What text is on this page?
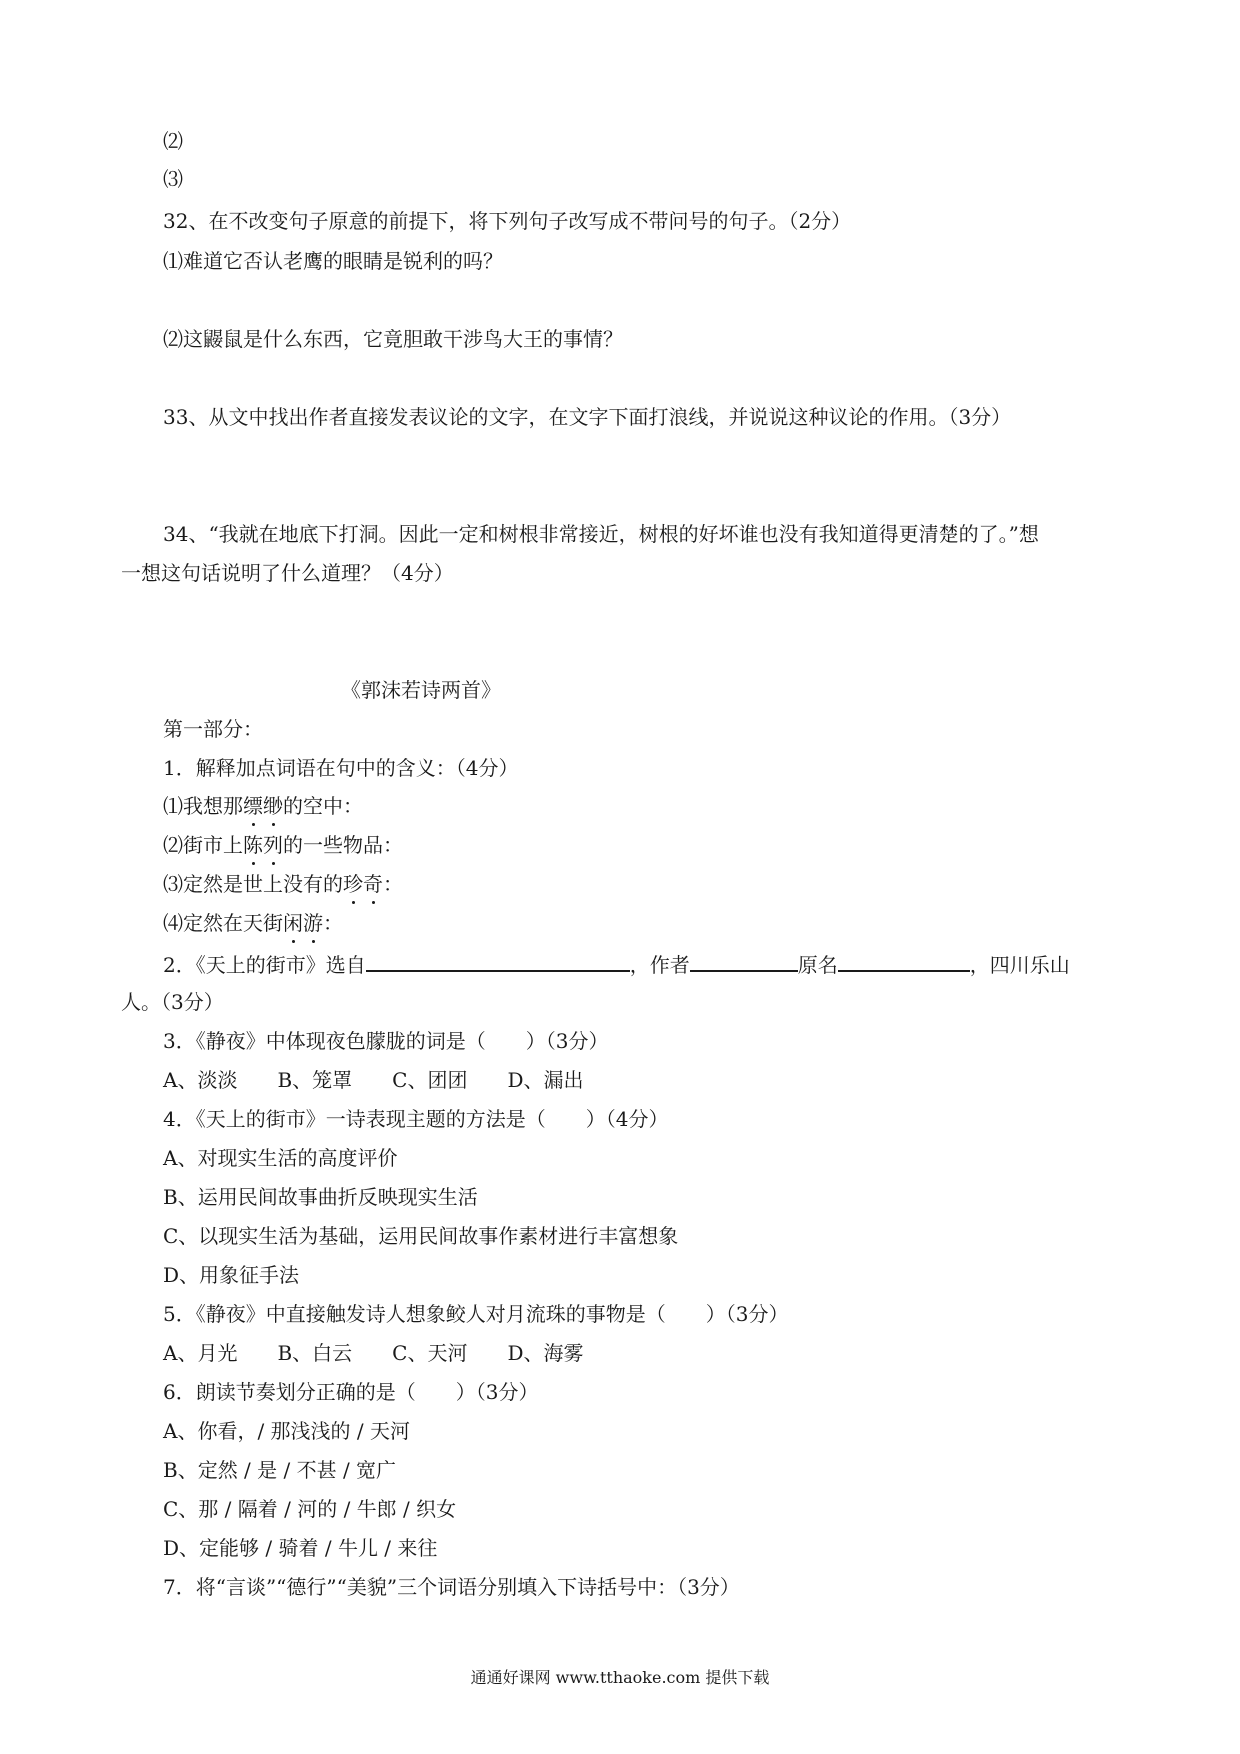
⑵
⑶
32、在不改变句子原意的前提下，将下列句子改写成不带问号的句子。（2分）
⑴难道它否认老鹰的眼睛是锐利的吗？
⑵这鼹鼠是什么东西，它竟胆敢干涉鸟大王的事情？
33、从文中找出作者直接发表议论的文字，在文字下面打浪线，并说说这种议论的作用。（3分）
34、“我就在地底下打洞。因此一定和树根非常接近，树根的好坏谁也没有我知道得更清楚的了。”想
一想这句话说明了什么道理？（4分）
《郭沫若诗两首》
第一部分：
1．解释加点词语在句中的含义：（4分）
⑴我想那缥缈的空中：
⑵街市上陈列的一些物品：
⑶定然是世上没有的珍奇：
⑷定然在天街闲游：
2．《天上的街市》选自	，作者	原名	，四川乐山
人。（3分）
3．《静夜》中体现夜色朦胧的词是（　　）（3分）
A、淡淡　　B、笼罩　　C、团团　　D、漏出
4．《天上的街市》一诗表现主题的方法是（　　）（4分）
A、对现实生活的高度评价
B、运用民间故事曲折反映现实生活
C、以现实生活为基础，运用民间故事作素材进行丰富想象
D、用象征手法
5．《静夜》中直接触发诗人想象鲛人对月流珠的事物是（　　）（3分）
A、月光　　B、白云　　C、天河　　D、海雾
6．朗读节奏划分正确的是（　　）（3分）
A、你看，/ 那浅浅的 / 天河
B、定然 / 是 / 不甚 / 宽广
C、那 / 隔着 / 河的 / 牛郎 / 织女
D、定能够 / 骑着 / 牛儿 / 来往
7．将“言谈”“德行”“美貌”三个词语分别填入下诗括号中：（3分）
通通好课网 www.tthaoke.com 提供下载
